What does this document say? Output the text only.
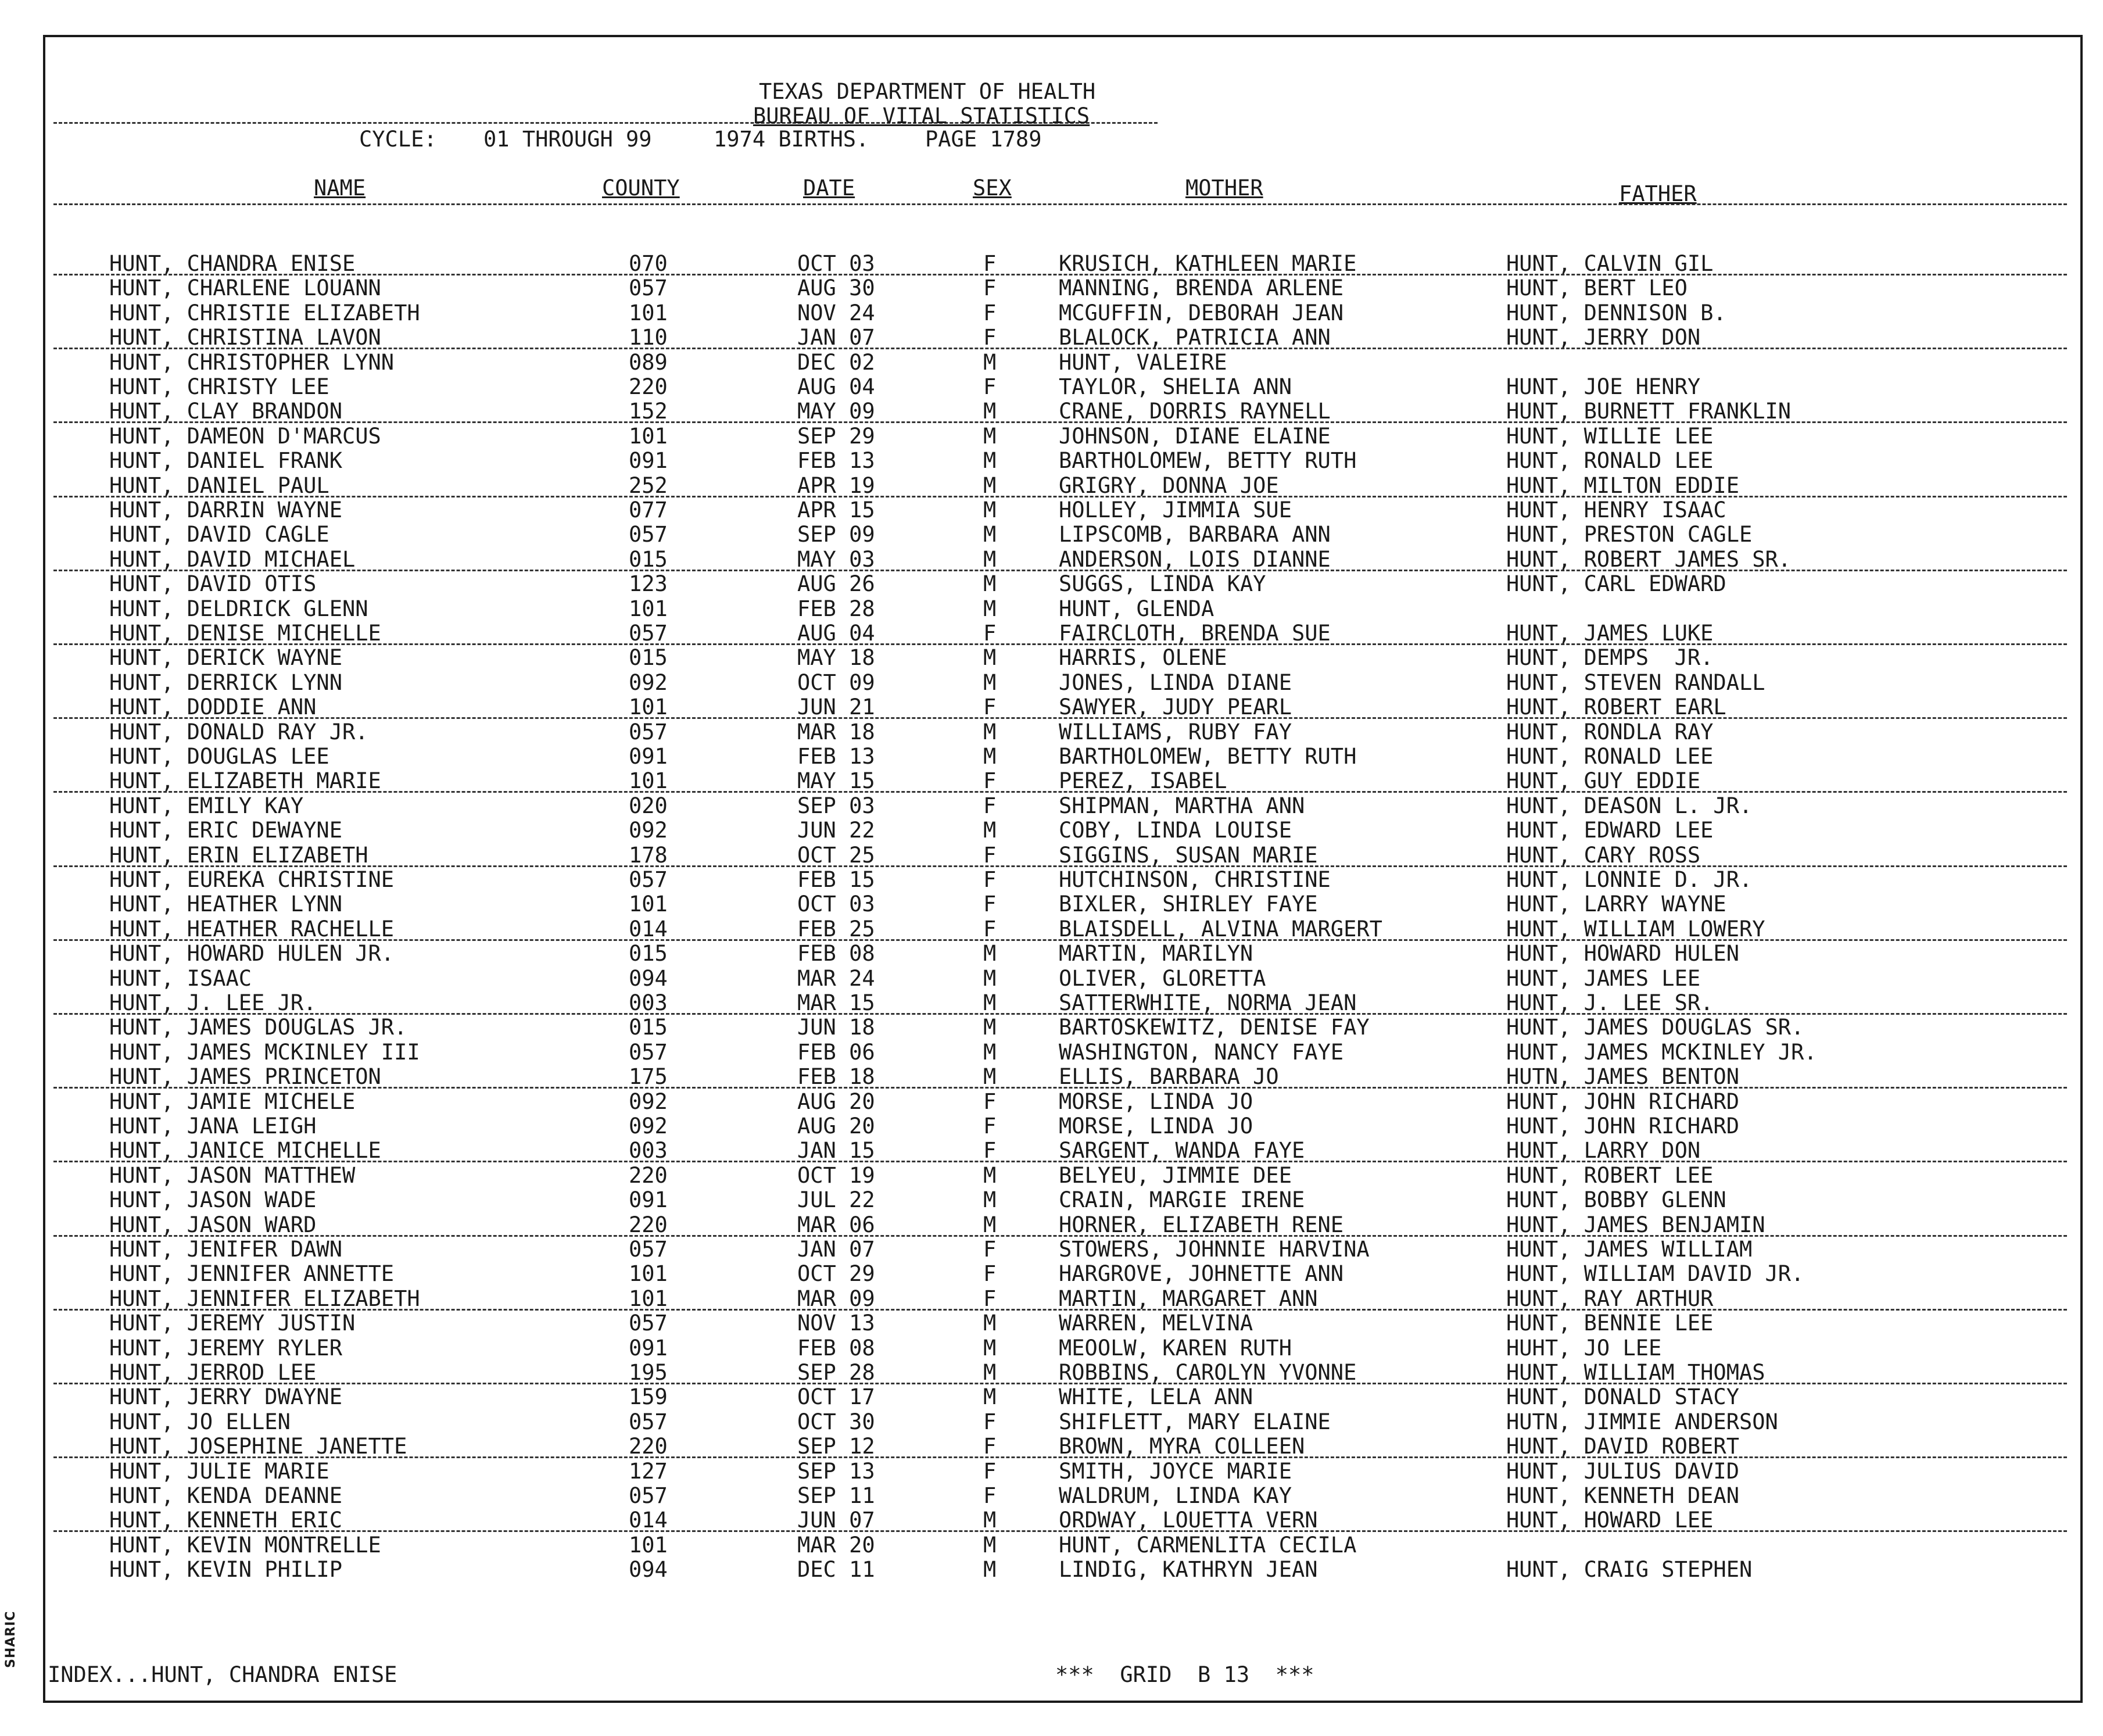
SHARIC
TEXAS DEPARTMENT OF HEALTH
BUREAU OF VITAL STATISTICS
CYCLE: 01 THROUGH 99	1974 BIRTHS.	PAGE 1789
NAME	COUNTY	DATE	SEX	MOTHER	FATHER
HUNT, CHANDRA ENISE	070	OCT 03	F	KRUSICH, KATHLEEN MARIE	HUNT, CALVIN GIL
HUNT, CHARLENE LOUANN	057	AUG 30	F	MANNING, BRENDA ARLENE	HUNT, BERT LEO
HUNT, CHRISTIE ELIZABETH	101	NOV 24	F	MCGUFFIN, DEBORAH JEAN	HUNT, DENNISON B.
HUNT, CHRISTINA LAVON	110	JAN 07	F	BLALOCK, PATRICIA ANN	HUNT, JERRY DON
HUNT, CHRISTOPHER LYNN	089	DEC 02	M	HUNT, VALEIRE
HUNT, CHRISTY LEE	220	AUG 04	F	TAYLOR, SHELIA ANN	HUNT, JOE HENRY
HUNT, CLAY BRANDON	152	MAY 09	M	CRANE, DORRIS RAYNELL	HUNT, BURNETT FRANKLIN
HUNT, DAMEON D'MARCUS	101	SEP 29	M	JOHNSON, DIANE ELAINE	HUNT, WILLIE LEE
HUNT, DANIEL FRANK	091	FEB 13	M	BARTHOLOMEW, BETTY RUTH	HUNT, RONALD LEE
HUNT, DANIEL PAUL	252	APR 19	M	GRIGRY, DONNA JOE	HUNT, MILTON EDDIE
HUNT, DARRIN WAYNE	077	APR 15	M	HOLLEY, JIMMIA SUE	HUNT, HENRY ISAAC
HUNT, DAVID CAGLE	057	SEP 09	M	LIPSCOMB, BARBARA ANN	HUNT, PRESTON CAGLE
HUNT, DAVID MICHAEL	015	MAY 03	M	ANDERSON, LOIS DIANNE	HUNT, ROBERT JAMES SR.
HUNT, DAVID OTIS	123	AUG 26	M	SUGGS, LINDA KAY	HUNT, CARL EDWARD
HUNT, DELDRICK GLENN	101	FEB 28	M	HUNT, GLENDA
HUNT, DENISE MICHELLE	057	AUG 04	F	FAIRCLOTH, BRENDA SUE	HUNT, JAMES LUKE
HUNT, DERICK WAYNE	015	MAY 18	M	HARRIS, OLENE	HUNT, DEMPS  JR.
HUNT, DERRICK LYNN	092	OCT 09	M	JONES, LINDA DIANE	HUNT, STEVEN RANDALL
HUNT, DODDIE ANN	101	JUN 21	F	SAWYER, JUDY PEARL	HUNT, ROBERT EARL
HUNT, DONALD RAY JR.	057	MAR 18	M	WILLIAMS, RUBY FAY	HUNT, RONDLA RAY
HUNT, DOUGLAS LEE	091	FEB 13	M	BARTHOLOMEW, BETTY RUTH	HUNT, RONALD LEE
HUNT, ELIZABETH MARIE	101	MAY 15	F	PEREZ, ISABEL	HUNT, GUY EDDIE
HUNT, EMILY KAY	020	SEP 03	F	SHIPMAN, MARTHA ANN	HUNT, DEASON L. JR.
HUNT, ERIC DEWAYNE	092	JUN 22	M	COBY, LINDA LOUISE	HUNT, EDWARD LEE
HUNT, ERIN ELIZABETH	178	OCT 25	F	SIGGINS, SUSAN MARIE	HUNT, CARY ROSS
HUNT, EUREKA CHRISTINE	057	FEB 15	F	HUTCHINSON, CHRISTINE	HUNT, LONNIE D. JR.
HUNT, HEATHER LYNN	101	OCT 03	F	BIXLER, SHIRLEY FAYE	HUNT, LARRY WAYNE
HUNT, HEATHER RACHELLE	014	FEB 25	F	BLAISDELL, ALVINA MARGERT	HUNT, WILLIAM LOWERY
HUNT, HOWARD HULEN JR.	015	FEB 08	M	MARTIN, MARILYN	HUNT, HOWARD HULEN
HUNT, ISAAC	094	MAR 24	M	OLIVER, GLORETTA	HUNT, JAMES LEE
HUNT, J. LEE JR.	003	MAR 15	M	SATTERWHITE, NORMA JEAN	HUNT, J. LEE SR.
HUNT, JAMES DOUGLAS JR.	015	JUN 18	M	BARTOSKEWITZ, DENISE FAY	HUNT, JAMES DOUGLAS SR.
HUNT, JAMES MCKINLEY III	057	FEB 06	M	WASHINGTON, NANCY FAYE	HUNT, JAMES MCKINLEY JR.
HUNT, JAMES PRINCETON	175	FEB 18	M	ELLIS, BARBARA JO	HUTN, JAMES BENTON
HUNT, JAMIE MICHELE	092	AUG 20	F	MORSE, LINDA JO	HUNT, JOHN RICHARD
HUNT, JANA LEIGH	092	AUG 20	F	MORSE, LINDA JO	HUNT, JOHN RICHARD
HUNT, JANICE MICHELLE	003	JAN 15	F	SARGENT, WANDA FAYE	HUNT, LARRY DON
HUNT, JASON MATTHEW	220	OCT 19	M	BELYEU, JIMMIE DEE	HUNT, ROBERT LEE
HUNT, JASON WADE	091	JUL 22	M	CRAIN, MARGIE IRENE	HUNT, BOBBY GLENN
HUNT, JASON WARD	220	MAR 06	M	HORNER, ELIZABETH RENE	HUNT, JAMES BENJAMIN
HUNT, JENIFER DAWN	057	JAN 07	F	STOWERS, JOHNNIE HARVINA	HUNT, JAMES WILLIAM
HUNT, JENNIFER ANNETTE	101	OCT 29	F	HARGROVE, JOHNETTE ANN	HUNT, WILLIAM DAVID JR.
HUNT, JENNIFER ELIZABETH	101	MAR 09	F	MARTIN, MARGARET ANN	HUNT, RAY ARTHUR
HUNT, JEREMY JUSTIN	057	NOV 13	M	WARREN, MELVINA	HUNT, BENNIE LEE
HUNT, JEREMY RYLER	091	FEB 08	M	MEOOLW, KAREN RUTH	HUHT, JO LEE
HUNT, JERROD LEE	195	SEP 28	M	ROBBINS, CAROLYN YVONNE	HUNT, WILLIAM THOMAS
HUNT, JERRY DWAYNE	159	OCT 17	M	WHITE, LELA ANN	HUNT, DONALD STACY
HUNT, JO ELLEN	057	OCT 30	F	SHIFLETT, MARY ELAINE	HUTN, JIMMIE ANDERSON
HUNT, JOSEPHINE JANETTE	220	SEP 12	F	BROWN, MYRA COLLEEN	HUNT, DAVID ROBERT
HUNT, JULIE MARIE	127	SEP 13	F	SMITH, JOYCE MARIE	HUNT, JULIUS DAVID
HUNT, KENDA DEANNE	057	SEP 11	F	WALDRUM, LINDA KAY	HUNT, KENNETH DEAN
HUNT, KENNETH ERIC	014	JUN 07	M	ORDWAY, LOUETTA VERN	HUNT, HOWARD LEE
HUNT, KEVIN MONTRELLE	101	MAR 20	M	HUNT, CARMENLITA CECILA
HUNT, KEVIN PHILIP	094	DEC 11	M	LINDIG, KATHRYN JEAN	HUNT, CRAIG STEPHEN
INDEX...HUNT, CHANDRA ENISE	***  GRID  B 13  ***
